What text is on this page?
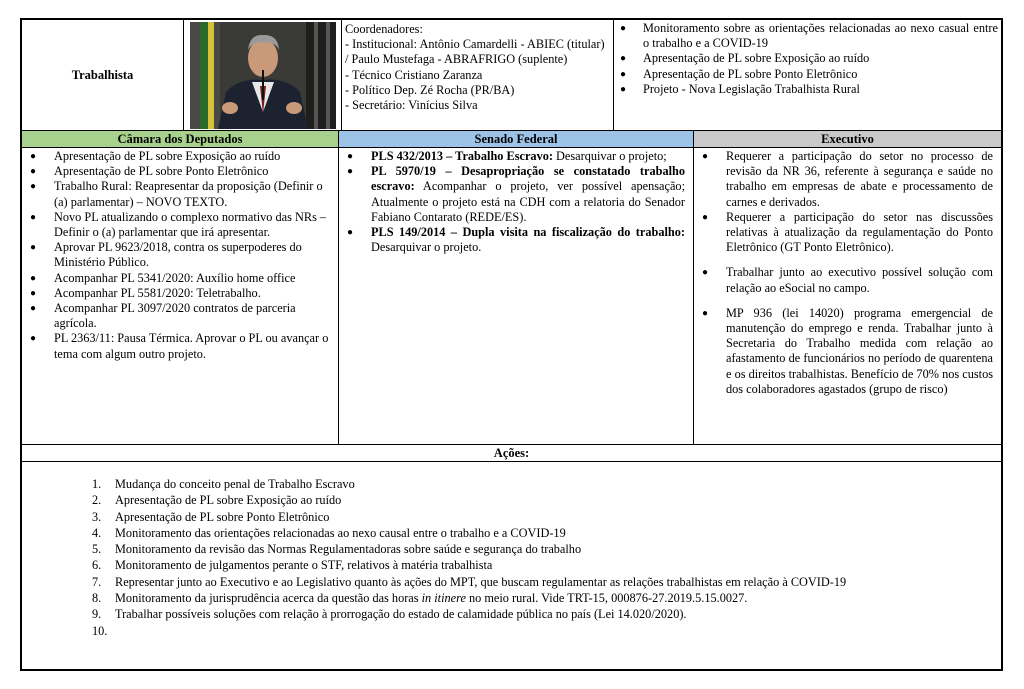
Trabalhista
Coordenadores:
- Institucional: Antônio Camardelli - ABIEC (titular) / Paulo Mustefaga - ABRAFRIGO (suplente)
- Técnico Cristiano Zaranza
- Político Dep. Zé Rocha (PR/BA)
- Secretário: Vinícius Silva
● Monitoramento sobre as orientações relacionadas ao nexo casual entre o trabalho e a COVID-19
● Apresentação de PL sobre Exposição ao ruído
● Apresentação de PL sobre Ponto Eletrônico
● Projeto - Nova Legislação Trabalhista Rural
Câmara dos Deputados	Senado Federal	Executivo
● Apresentação de PL sobre Exposição ao ruído
● Apresentação de PL sobre Ponto Eletrônico
● Trabalho Rural: Reapresentar da proposição (Definir o (a) parlamentar) – NOVO TEXTO.
● Novo PL atualizando o complexo normativo das NRs – Definir o (a) parlamentar que irá apresentar.
● Aprovar PL 9623/2018, contra os superpoderes do Ministério Público.
● Acompanhar PL 5341/2020: Auxílio home office
● Acompanhar PL 5581/2020: Teletrabalho.
● Acompanhar PL 3097/2020 contratos de parceria agrícola.
● PL 2363/11: Pausa Térmica. Aprovar o PL ou avançar o tema com algum outro projeto.
● PLS 432/2013 – Trabalho Escravo: Desarquivar o projeto;
● PL 5970/19 – Desapropriação se constatado trabalho escravo: Acompanhar o projeto, ver possível apensação; Atualmente o projeto está na CDH com a relatoria do Senador Fabiano Contarato (REDE/ES).
● PLS 149/2014 – Dupla visita na fiscalização do trabalho: Desarquivar o projeto.
● Requerer a participação do setor no processo de revisão da NR 36, referente à segurança e saúde no trabalho em empresas de abate e processamento de carnes e derivados.
● Requerer a participação do setor nas discussões relativas à atualização da regulamentação do Ponto Eletrônico (GT Ponto Eletrônico).
● Trabalhar junto ao executivo possível solução com relação ao eSocial no campo.
● MP 936 (lei 14020) programa emergencial de manutenção do emprego e renda. Trabalhar junto à Secretaria do Trabalho medida com relação ao afastamento de funcionários no período de quarentena e os direitos trabalhistas. Benefício de 70% nos custos dos colaboradores agastados (grupo de risco)
Ações:
1. Mudança do conceito penal de Trabalho Escravo
2. Apresentação de PL sobre Exposição ao ruído
3. Apresentação de PL sobre Ponto Eletrônico
4. Monitoramento das orientações relacionadas ao nexo causal entre o trabalho e a COVID-19
5. Monitoramento da revisão das Normas Regulamentadoras sobre saúde e segurança do trabalho
6. Monitoramento de julgamentos perante o STF, relativos à matéria trabalhista
7. Representar junto ao Executivo e ao Legislativo quanto às ações do MPT, que buscam regulamentar as relações trabalhistas em relação à COVID-19
8. Monitoramento da jurisprudência acerca da questão das horas in itinere no meio rural. Vide TRT-15, 000876-27.2019.5.15.0027.
9. Trabalhar possíveis soluções com relação à prorrogação do estado de calamidade pública no país (Lei 14.020/2020).
10.
